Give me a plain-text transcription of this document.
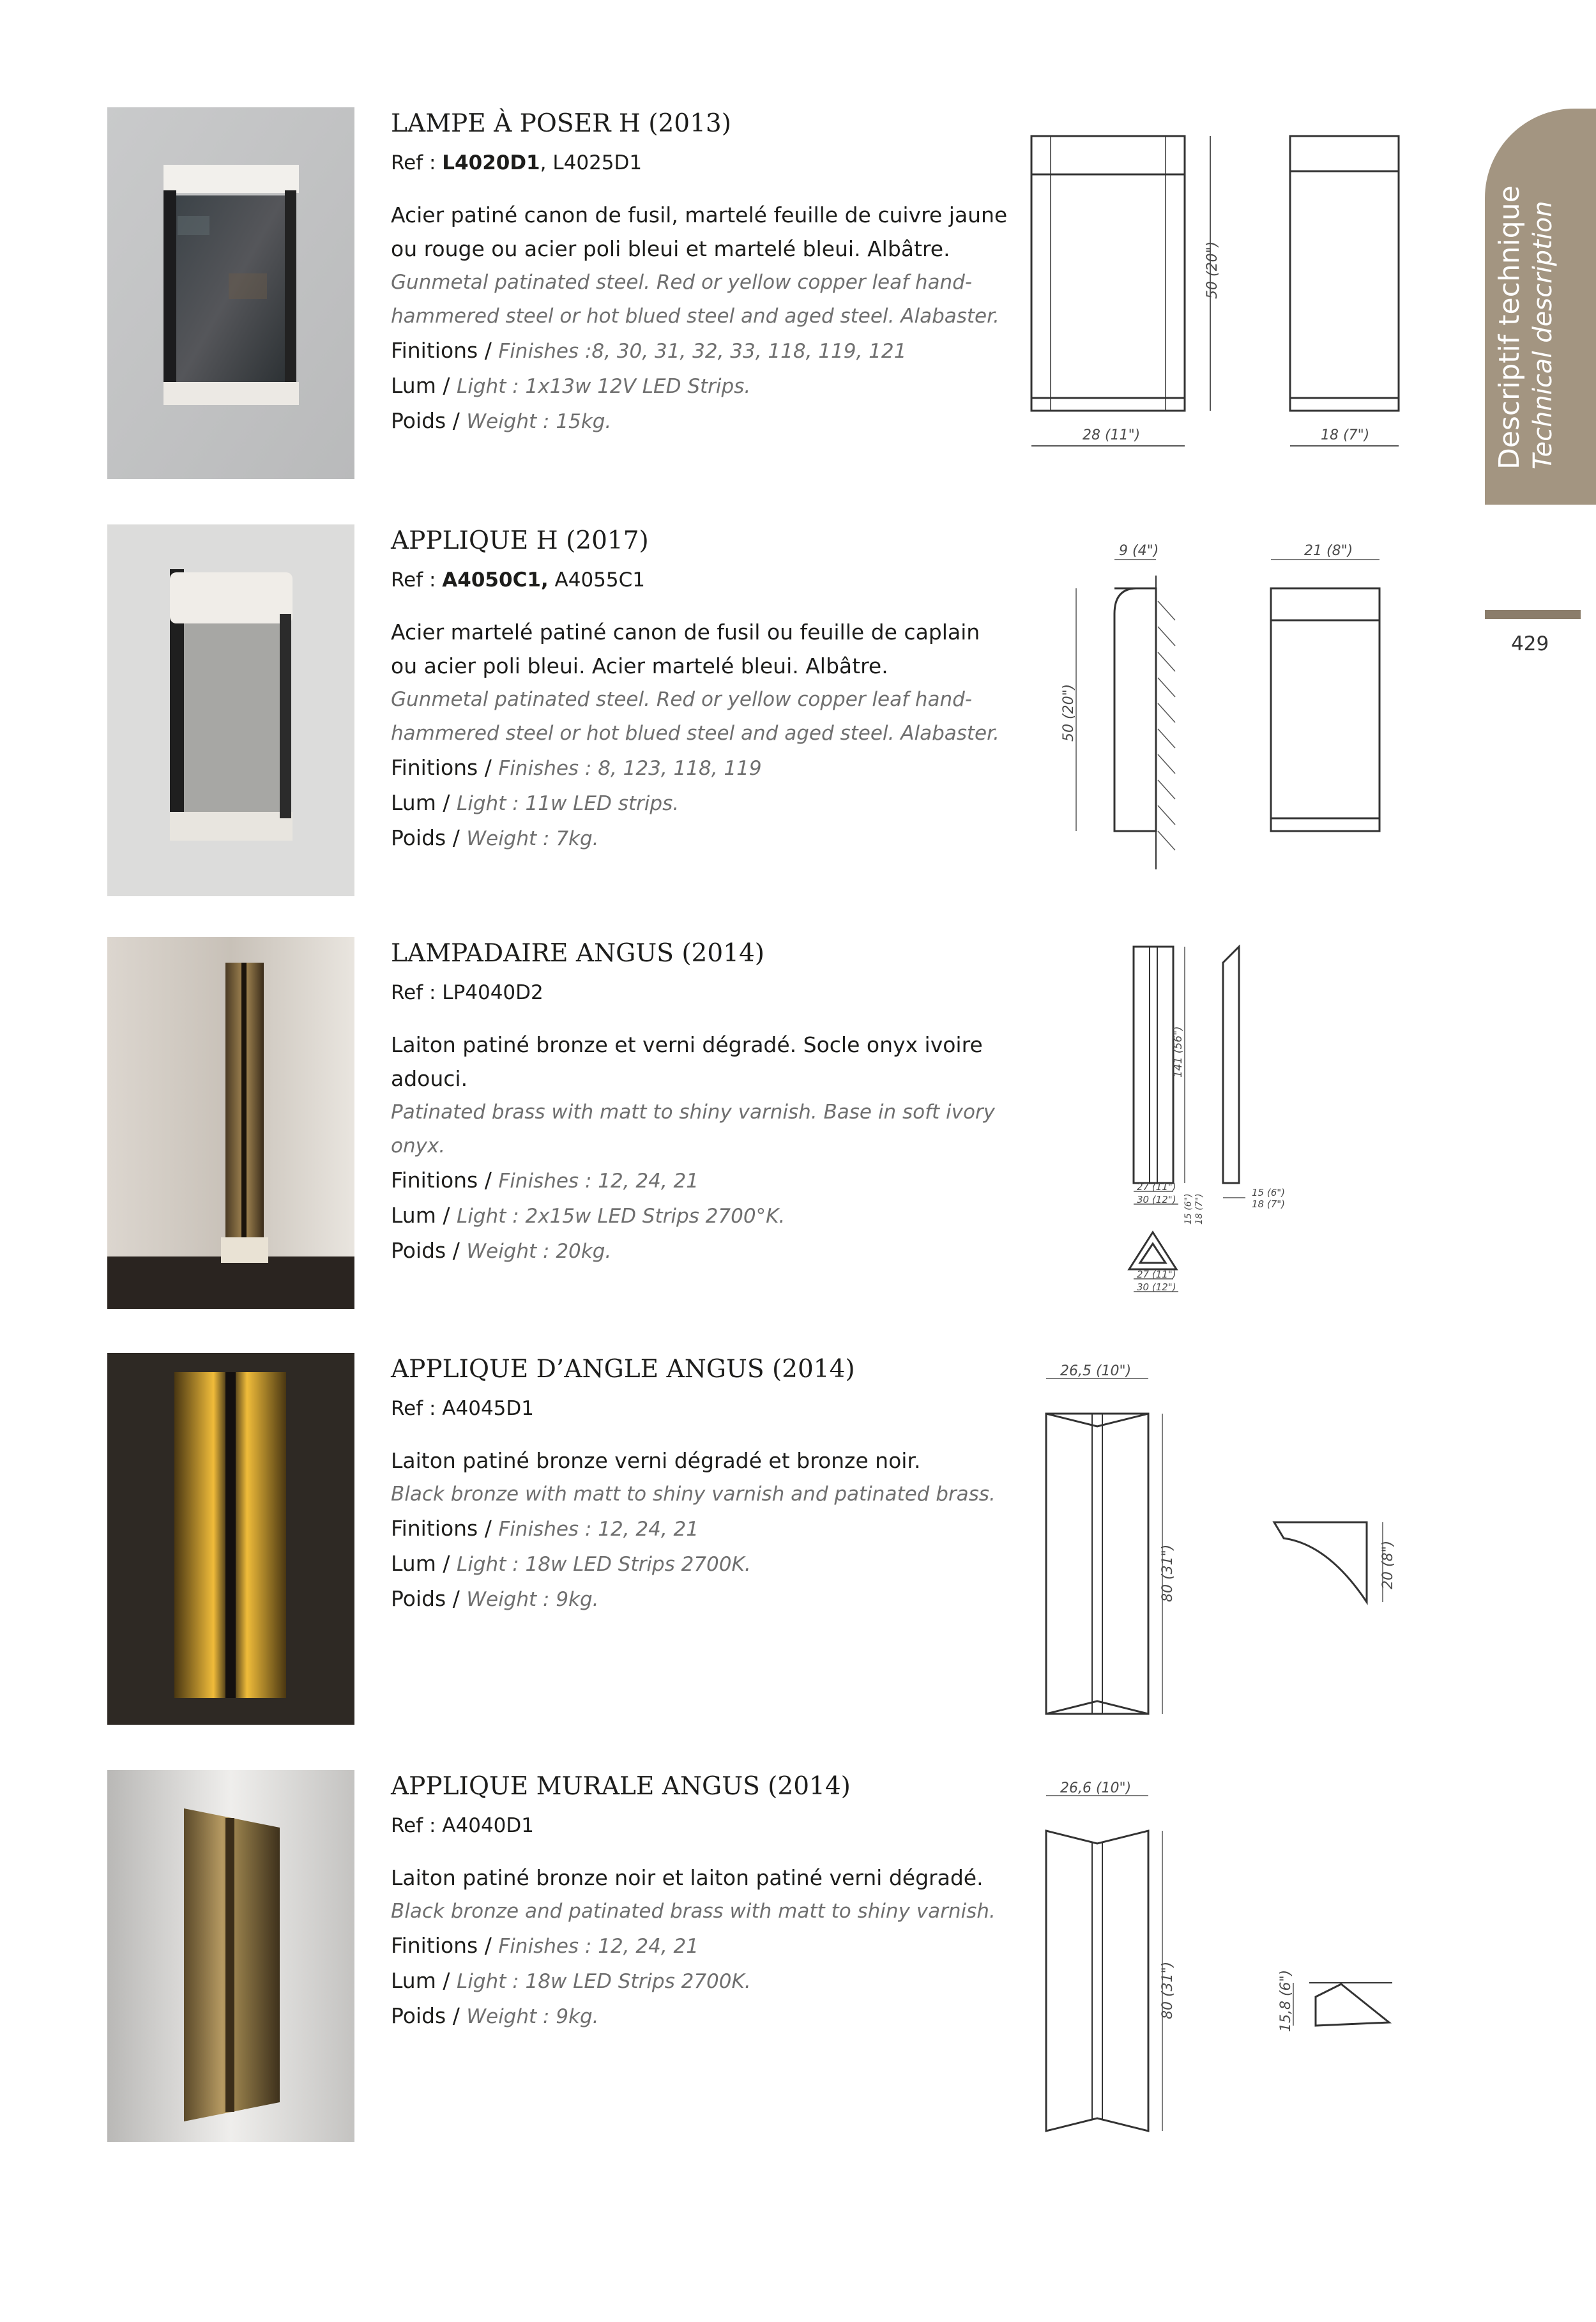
Descriptif technique Technical description
429
LAMPE À POSER H (2013)
Ref : L4020D1, L4025D1
Acier patiné canon de fusil, martelé feuille de cuivre jaune
ou rouge ou acier poli bleui et martelé bleui. Albâtre.
Gunmetal patinated steel. Red or yellow copper leaf hand-
hammered steel or hot blued steel and aged steel. Alabaster.
Finitions / Finishes :8, 30, 31, 32, 33, 118, 119, 121
Lum / Light : 1x13w 12V LED Strips.
Poids / Weight : 15kg.
50 (20")
28 (11")	18 (7")
APPLIQUE H (2017)
Ref : A4050C1, A4055C1
Acier martelé patiné canon de fusil ou feuille de caplain
ou acier poli bleui. Acier martelé bleui. Albâtre.
Gunmetal patinated steel. Red or yellow copper leaf hand-
hammered steel or hot blued steel and aged steel. Alabaster.
Finitions / Finishes : 8, 123, 118, 119
Lum / Light : 11w LED strips.
Poids / Weight : 7kg.
9 (4")	21 (8")
50 (20")
LAMPADAIRE ANGUS (2014)
Ref : LP4040D2
Laiton patiné bronze et verni dégradé. Socle onyx ivoire
adouci.
Patinated brass with matt to shiny varnish. Base in soft ivory
onyx.
Finitions / Finishes : 12, 24, 21
Lum / Light : 2x15w LED Strips 2700°K.
Poids / Weight : 20kg.
141 (56")
27 (11")
30 (12") 15 (6") 18 (7")
27 (11")
30 (12")
15 (6")
18 (7")
APPLIQUE D’ANGLE ANGUS (2014)
Ref : A4045D1
Laiton patiné bronze verni dégradé et bronze noir.
Black bronze with matt to shiny varnish and patinated brass.
Finitions / Finishes : 12, 24, 21
Lum / Light : 18w LED Strips 2700K.
Poids / Weight : 9kg.
26,5 (10")
80 (31")	20 (8")
APPLIQUE MURALE ANGUS (2014)
Ref : A4040D1
Laiton patiné bronze noir et laiton patiné verni dégradé.
Black bronze and patinated brass with matt to shiny varnish.
Finitions / Finishes : 12, 24, 21
Lum / Light : 18w LED Strips 2700K.
Poids / Weight : 9kg.
26,6 (10")
80 (31")	15,8 (6")
